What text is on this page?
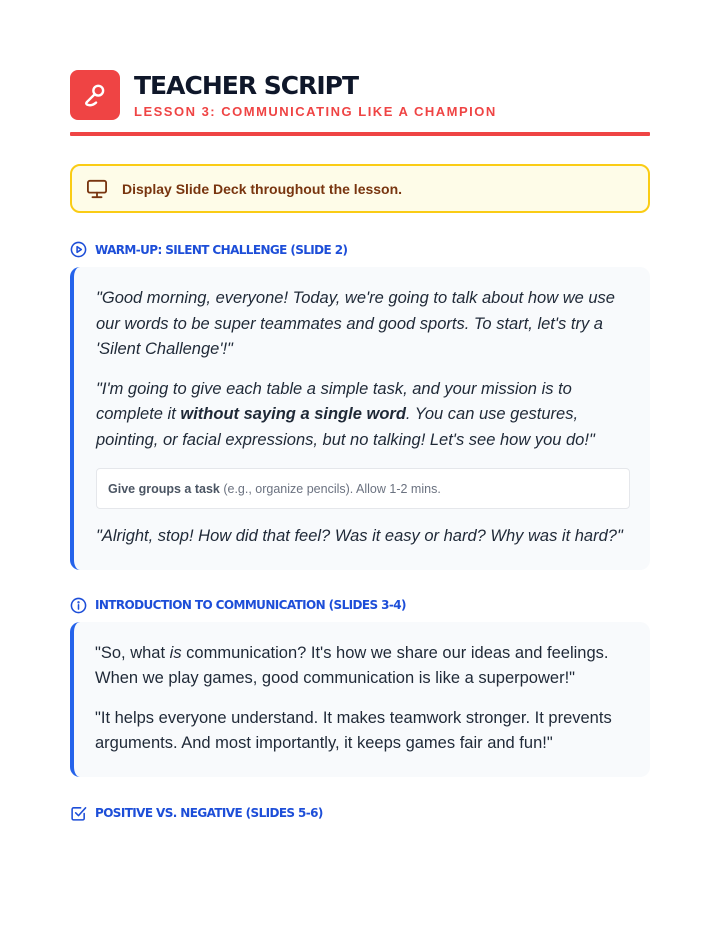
TEACHER SCRIPT
LESSON 3: COMMUNICATING LIKE A CHAMPION
Display Slide Deck throughout the lesson.
WARM-UP: SILENT CHALLENGE (SLIDE 2)

"Good morning, everyone! Today, we're going to talk about how we use our words to be super teammates and good sports. To start, let's try a 'Silent Challenge'!"

"I'm going to give each table a simple task, and your mission is to complete it without saying a single word. You can use gestures, pointing, or facial expressions, but no talking! Let's see how you do!"

Give groups a task (e.g., organize pencils). Allow 1-2 mins.

"Alright, stop! How did that feel? Was it easy or hard? Why was it hard?"

INTRODUCTION TO COMMUNICATION (SLIDES 3-4)

"So, what is communication? It's how we share our ideas and feelings. When we play games, good communication is like a superpower!"

"It helps everyone understand. It makes teamwork stronger. It prevents arguments. And most importantly, it keeps games fair and fun!"

POSITIVE VS. NEGATIVE (SLIDES 5-6)
